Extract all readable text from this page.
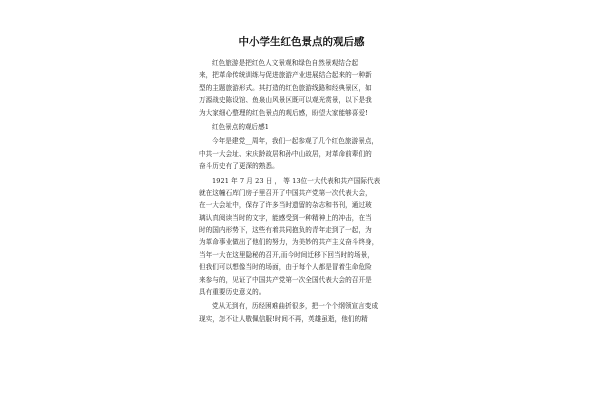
中小学生红色景点的观后感
红色旅游是把红色人文景观和绿色自然景观结合起
来，把革命传统训练与促进旅游产业进展结合起来的一种新
型的主题旅游形式。其打造的红色旅游线路和经典景区，如
万源战史陈设馆、鱼泉山风景区既可以观光赏景，以下是我
为大家细心整理的红色景点的观后感，盼望大家能够喜爱!
红色景点的观后感1
今年是建党__周年，我们一起参观了几个红色旅游景点，
中共一大会址、宋庆龄故居和孙中山故居，对革命前辈们的
奋斗历史有了更深的熟悉。
1921 年 7 月 23 日 ， 等 13位一大代表和共产国际代表
就在这幢石库门房子里召开了中国共产党第一次代表大会，
在一大会址中，保存了许多当时遗留的杂志和书刊，通过玻
璃认真阅读当时的文字，能感受到一种精神上的冲击，在当
时的国内形势下，这些有着共同抱负的青年走到了一起，为
为革命事业做出了他们的努力，为美妙的共产主义奋斗终身，
当年一大在这里隐秘的召开,而今时间迁移下回当时的场景，
但我们可以想像当时的场面，由于每个人都是冒着生命危险
来参与的，见证了中国共产党第一次全国代表大会的召开是
具有重要历史意义的。
党从无到有，历经困难曲折很多，把一个个纲领宣言变成
现实，怎不让人敬佩信服!时间不再，英雄虽逝，他们的精
